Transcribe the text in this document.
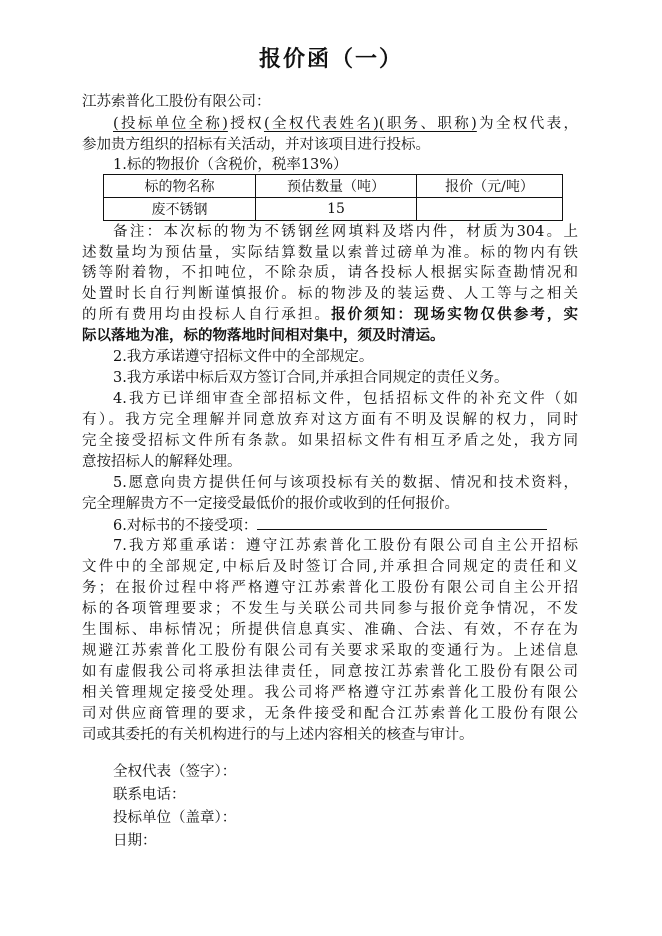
报价函（一）
江苏索普化工股份有限公司：
(投标单位全称)授权(全权代表姓名)(职务、职称)为全权代表，
参加贵方组织的招标有关活动，并对该项目进行投标。
1.标的物报价（含税价，税率13%）
标的物名称	预估数量（吨）	报价（元/吨）
废不锈钢	15	
备注：本次标的物为不锈钢丝网填料及塔内件，材质为304。上
述数量均为预估量，实际结算数量以索普过磅单为准。标的物内有铁
锈等附着物，不扣吨位，不除杂质，请各投标人根据实际查勘情况和
处置时长自行判断谨慎报价。标的物涉及的装运费、人工等与之相关
的所有费用均由投标人自行承担。报价须知：现场实物仅供参考，实
际以落地为准，标的物落地时间相对集中，须及时清运。
2.我方承诺遵守招标文件中的全部规定。
3.我方承诺中标后双方签订合同,并承担合同规定的责任义务。
4.我方已详细审查全部招标文件，包括招标文件的补充文件（如
有）。我方完全理解并同意放弃对这方面有不明及误解的权力，同时
完全接受招标文件所有条款。如果招标文件有相互矛盾之处，我方同
意按招标人的解释处理。
5.愿意向贵方提供任何与该项投标有关的数据、情况和技术资料，
完全理解贵方不一定接受最低价的报价或收到的任何报价。
6.对标书的不接受项：
7.我方郑重承诺：遵守江苏索普化工股份有限公司自主公开招标
文件中的全部规定,中标后及时签订合同,并承担合同规定的责任和义
务；在报价过程中将严格遵守江苏索普化工股份有限公司自主公开招
标的各项管理要求；不发生与关联公司共同参与报价竞争情况，不发
生围标、串标情况；所提供信息真实、准确、合法、有效，不存在为
规避江苏索普化工股份有限公司有关要求采取的变通行为。上述信息
如有虚假我公司将承担法律责任，同意按江苏索普化工股份有限公司
相关管理规定接受处理。我公司将严格遵守江苏索普化工股份有限公
司对供应商管理的要求，无条件接受和配合江苏索普化工股份有限公
司或其委托的有关机构进行的与上述内容相关的核查与审计。
全权代表（签字）：
联系电话：
投标单位（盖章）：
日期：
